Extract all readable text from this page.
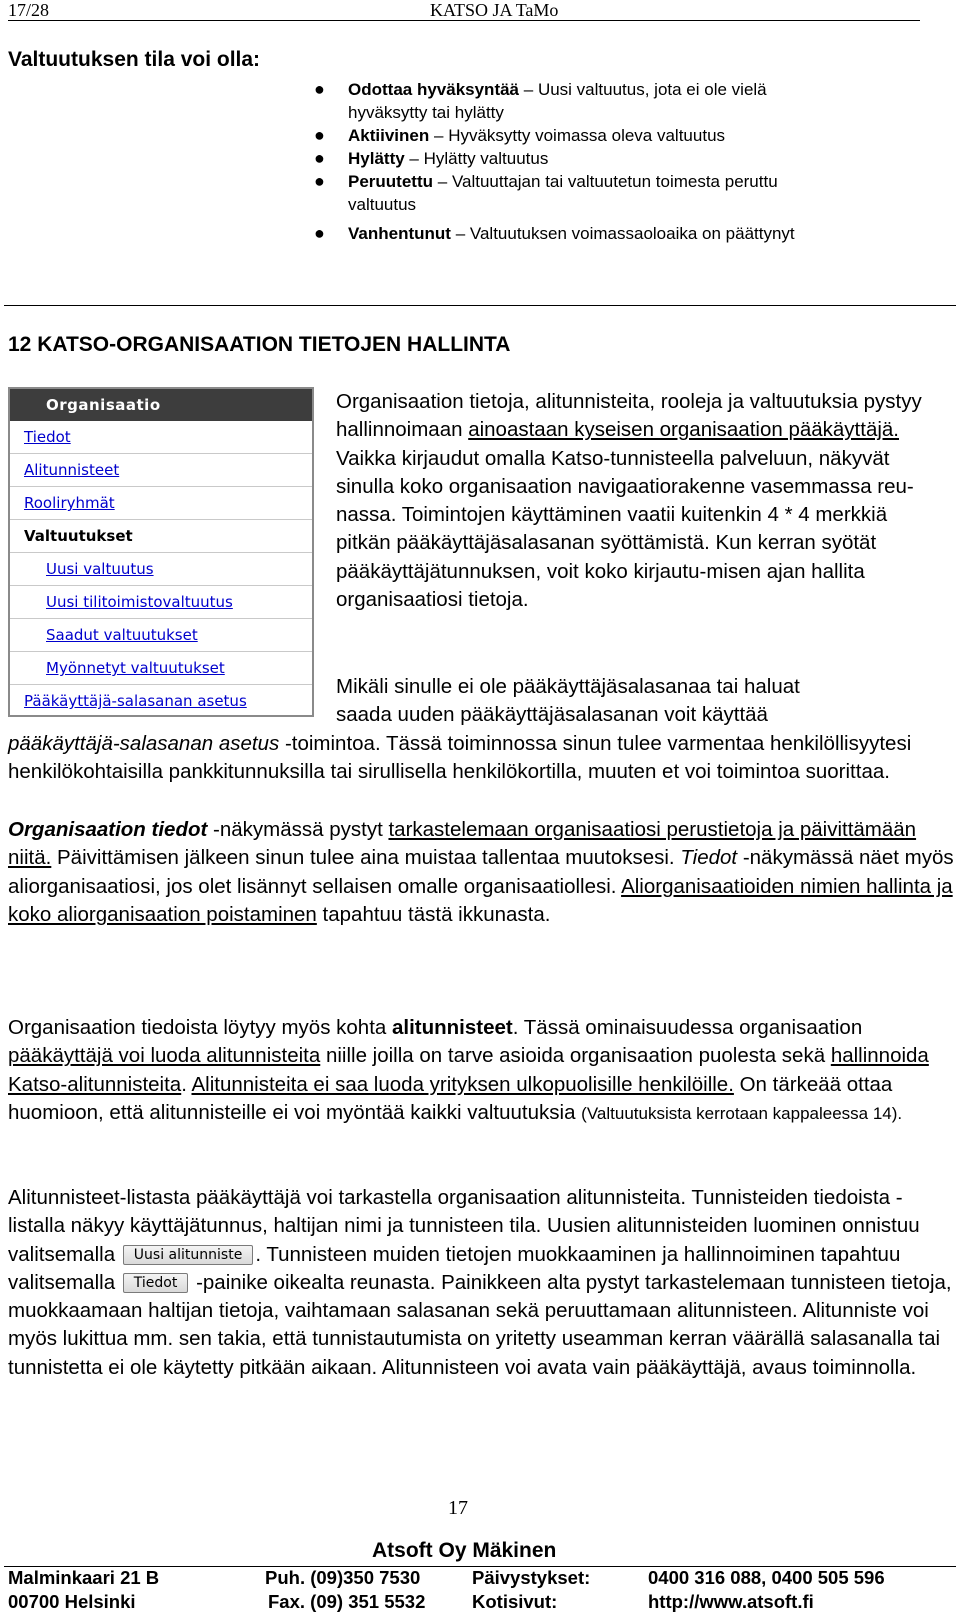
17/28	KATSO JA TaMo
Valtuutuksen tila voi olla:
● Odottaa hyväksyntää – Uusi valtuutus, jota ei ole vielä
hyväksytty tai hylätty
● Aktiivinen – Hyväksytty voimassa oleva valtuutus
● Hylätty – Hylätty valtuutus
● Peruutettu – Valtuuttajan tai valtuutetun toimesta peruttu
valtuutus
● Vanhentunut – Valtuutuksen voimassaoloaika on päättynyt
12 KATSO-ORGANISAATION TIETOJEN HALLINTA
Organisaatio
Tiedot
Alitunnisteet
Rooliryhmät
Valtuutukset
Uusi valtuutus
Uusi tilitoimistovaltuutus
Saadut valtuutukset
Myönnetyt valtuutukset
Pääkäyttäjä-salasanan asetus

Organisaation tietoja, alitunnisteita, rooleja ja valtuutuksia pystyy hallinnoimaan ainoastaan kyseisen organisaation pääkäyttäjä. Vaikka kirjaudut omalla Katso-tunnisteella palveluun, näkyvät sinulla koko organisaation navigaatiorakenne vasemmassa reu-nassa. Toimintojen käyttäminen vaatii kuitenkin 4 * 4 merkkiä pitkän pääkäyttäjäsalasanan syöttämistä. Kun kerran syötät pääkäyttäjätunnuksen, voit koko kirjautu-misen ajan hallita organisaatiosi tietoja.

Mikäli sinulle ei ole pääkäyttäjäsalasanaa tai haluat
saada uuden pääkäyttäjäsalasanan voit käyttää
pääkäyttäjä-salasanan asetus -toimintoa. Tässä toiminnossa sinun tulee varmentaa henkilöllisyytesi henkilökohtaisilla pankkitunnuksilla tai sirullisella henkilökortilla, muuten et voi toimintoa suorittaa.

Organisaation tiedot -näkymässä pystyt tarkastelemaan organisaatiosi perustietoja ja päivittämään niitä. Päivittämisen jälkeen sinun tulee aina muistaa tallentaa muutoksesi. Tiedot -näkymässä näet myös aliorganisaatiosi, jos olet lisännyt sellaisen omalle organisaatiollesi. Aliorganisaatioiden nimien hallinta ja koko aliorganisaation poistaminen tapahtuu tästä ikkunasta.

Organisaation tiedoista löytyy myös kohta alitunnisteet. Tässä ominaisuudessa organisaation pääkäyttäjä voi luoda alitunnisteita niille joilla on tarve asioida organisaation puolesta sekä hallinnoida Katso-alitunnisteita. Alitunnisteita ei saa luoda yrityksen ulkopuolisille henkilöille. On tärkeää ottaa huomioon, että alitunnisteille ei voi myöntää kaikki valtuutuksia (Valtuutuksista kerrotaan kappaleessa 14).

Alitunnisteet-listasta pääkäyttäjä voi tarkastella organisaation alitunnisteita. Tunnisteiden tiedoista -listalla näkyy käyttäjätunnus, haltijan nimi ja tunnisteen tila. Uusien alitunnisteiden luominen onnistuu valitsemalla Uusi alitunniste . Tunnisteen muiden tietojen muokkaaminen ja hallinnoiminen tapahtuu valitsemalla Tiedot -painike oikealta reunasta. Painikkeen alta pystyt tarkastelemaan tunnisteen tietoja, muokkaamaan haltijan tietoja, vaihtamaan salasanan sekä peruuttamaan alitunnisteen. Alitunniste voi myös lukittua mm. sen takia, että tunnistautumista on yritetty useamman kerran väärällä salasanalla tai tunnistetta ei ole käytetty pitkään aikaan. Alitunnisteen voi avata vain pääkäyttäjä, avaus toiminnolla.

17
Atsoft Oy Mäkinen
Malminkaari 21 B
00700 Helsinki
Puh. (09)350 7530
Fax. (09) 351 5532
Päivystykset:
Kotisivut:
0400 316 088, 0400 505 596
http://www.atsoft.fi
